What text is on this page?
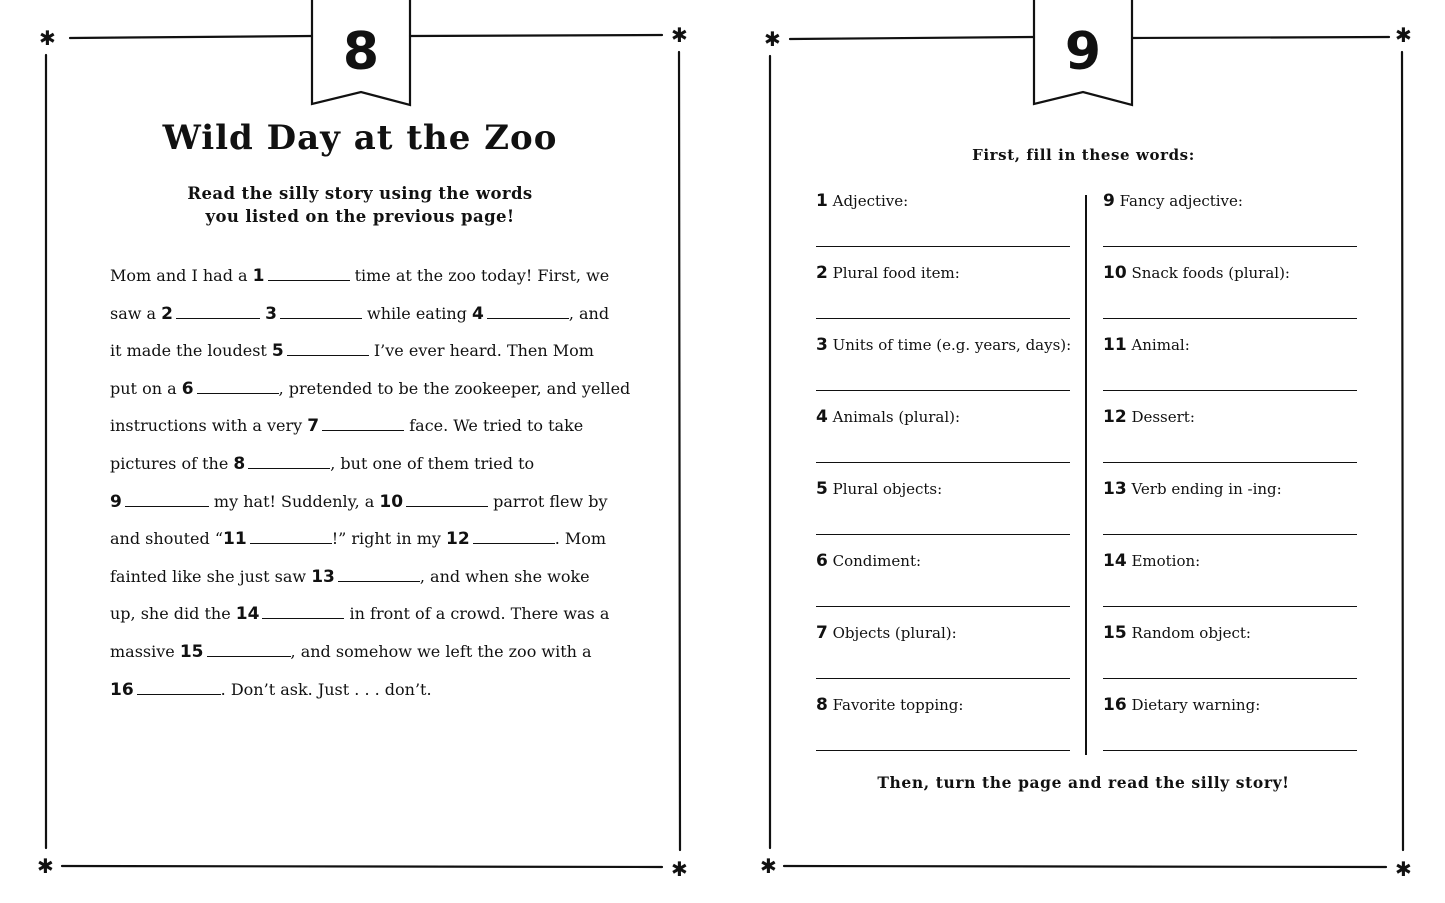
✱	✱
✱	✱
8
Wild Day at the Zoo
Read the silly story using the words
you listed on the previous page!
Mom and I had a 1	time at the zoo today! First, we
saw a 2	3	while eating 4	, and
it made the loudest 5	I’ve ever heard. Then Mom
put on a 6	, pretended to be the zookeeper, and yelled
instructions with a very 7	face. We tried to take
pictures of the 8	, but one of them tried to
9	my hat! Suddenly, a 10	parrot flew by
and shouted “11	!” right in my 12	. Mom
fainted like she just saw 13	, and when she woke
up, she did the 14	in front of a crowd. There was a
massive 15	, and somehow we left the zoo with a
16	. Don’t ask. Just . . . don’t.
✱	✱
✱	✱
9
First, fill in these words:
1 Adjective:
2 Plural food item:
3 Units of time (e.g. years, days):
4 Animals (plural):
5 Plural objects:
6 Condiment:
7 Objects (plural):
8 Favorite topping:
9 Fancy adjective:
10 Snack foods (plural):
11 Animal:
12 Dessert:
13 Verb ending in -ing:
14 Emotion:
15 Random object:
16 Dietary warning:
Then, turn the page and read the silly story!
